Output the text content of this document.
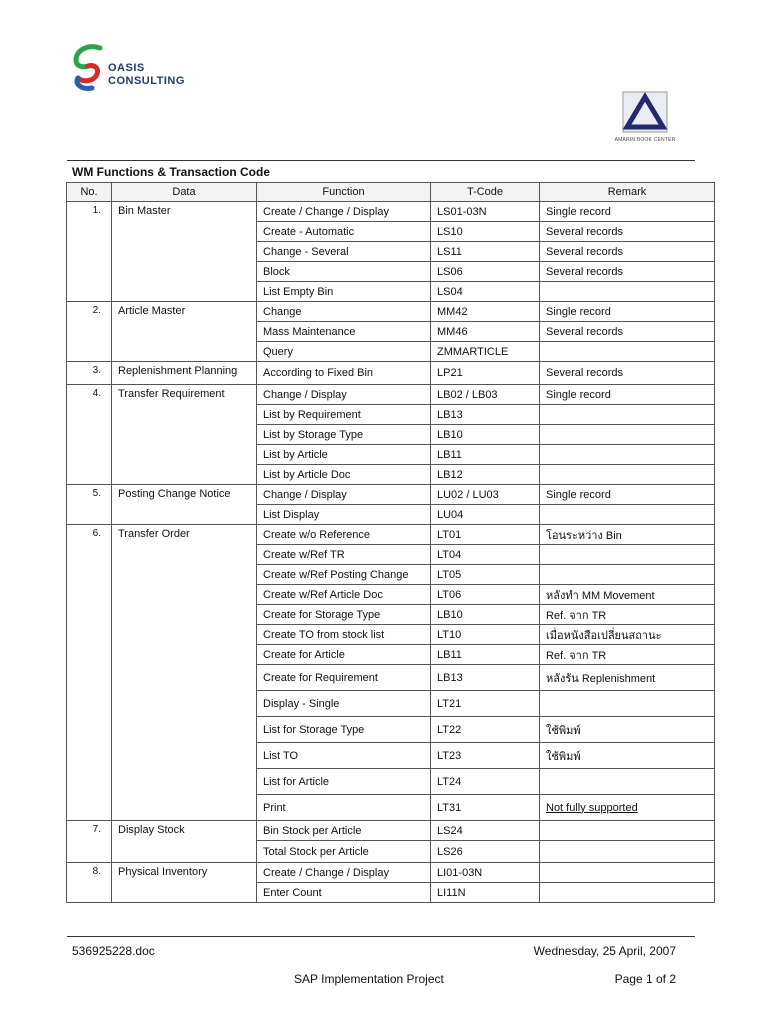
OASIS
CONSULTING
AMARIN BOOK CENTER
WM Functions & Transaction Code
No.	Data	Function	T-Code	Remark
1.	Bin Master	Create / Change / Display	LS01-03N	Single record
		Create - Automatic	LS10	Several records
		Change - Several	LS11	Several records
		Block	LS06	Several records
		List Empty Bin	LS04	
2.	Article Master	Change	MM42	Single record
		Mass Maintenance	MM46	Several records
		Query	ZMMARTICLE	
3.	Replenishment Planning	According to Fixed Bin	LP21	Several records
4.	Transfer Requirement	Change / Display	LB02 / LB03	Single record
		List by Requirement	LB13	
		List by Storage Type	LB10	
		List by Article	LB11	
		List by Article Doc	LB12	
5.	Posting Change Notice	Change / Display	LU02 / LU03	Single record
		List Display	LU04	
6.	Transfer Order	Create w/o Reference	LT01	โอนระหว่าง Bin
		Create w/Ref TR	LT04	
		Create w/Ref Posting Change	LT05	
		Create w/Ref Article Doc	LT06	หลังทำ MM Movement
		Create for Storage Type	LB10	Ref. จาก TR
		Create TO from stock list	LT10	เมื่อหนังสือเปลี่ยนสถานะ
		Create for Article	LB11	Ref. จาก TR
		Create for Requirement	LB13	หลังรัน Replenishment
		Display - Single	LT21	
		List for Storage Type	LT22	ใช้พิมพ์
		List TO	LT23	ใช้พิมพ์
		List for Article	LT24	
		Print	LT31	Not fully supported
7.	Display Stock	Bin Stock per Article	LS24	
		Total Stock per Article	LS26	
8.	Physical Inventory	Create / Change / Display	LI01-03N	
		Enter Count	LI11N	
536925228.doc	Wednesday, 25 April, 2007
SAP Implementation Project	Page 1 of 2
